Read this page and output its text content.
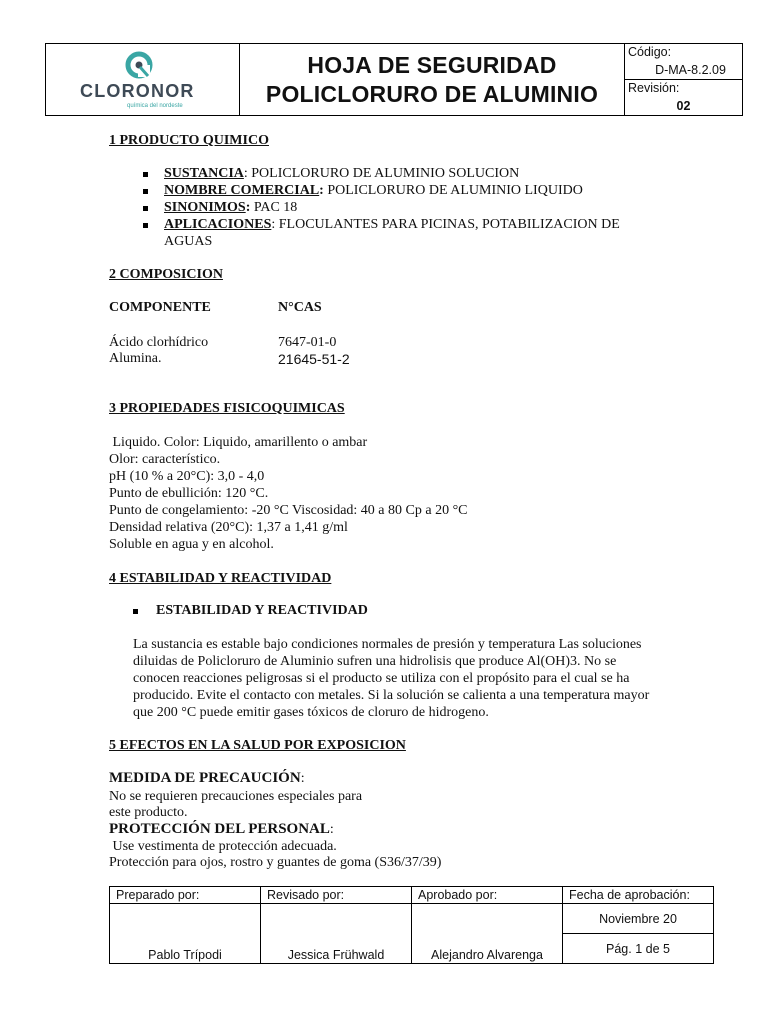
CLORONOR
química del nordeste
HOJA DE SEGURIDAD
POLICLORURO DE ALUMINIO
Código:
D-MA-8.2.09
Revisión:
02
1 PRODUCTO QUIMICO
SUSTANCIA: POLICLORURO DE ALUMINIO SOLUCION
NOMBRE COMERCIAL: POLICLORURO DE ALUMINIO LIQUIDO
SINONIMOS: PAC 18
APLICACIONES: FLOCULANTES PARA PICINAS, POTABILIZACION DE
AGUAS
2 COMPOSICION
COMPONENTE	N°CAS
Ácido clorhídrico	7647-01-0
Alumina.	21645-51-2
3 PROPIEDADES FISICOQUIMICAS
Liquido. Color: Liquido, amarillento o ambar
Olor: característico.
pH (10 % a 20°C): 3,0 - 4,0
Punto de ebullición: 120 °C.
Punto de congelamiento: -20 °C Viscosidad: 40 a 80 Cp a 20 °C
Densidad relativa (20°C): 1,37 a 1,41 g/ml
Soluble en agua y en alcohol.
4 ESTABILIDAD Y REACTIVIDAD
ESTABILIDAD Y REACTIVIDAD
La sustancia es estable bajo condiciones normales de presión y temperatura Las soluciones
diluidas de Policloruro de Aluminio sufren una hidrolisis que produce Al(OH)3. No se
conocen reacciones peligrosas si el producto se utiliza con el propósito para el cual se ha
producido. Evite el contacto con metales. Si la solución se calienta a una temperatura mayor
que 200 °C puede emitir gases tóxicos de cloruro de hidrogeno.
5 EFECTOS EN LA SALUD POR EXPOSICION
MEDIDA DE PRECAUCIÓN:
No se requieren precauciones especiales para
este producto.
PROTECCIÓN DEL PERSONAL:
Use vestimenta de protección adecuada.
Protección para ojos, rostro y guantes de goma (S36/37/39)
Preparado por:	Revisado por:	Aprobado por:	Fecha de aprobación:

Pablo Trípodi	Jessica Frühwald	Alejandro Alvarenga	Noviembre 20
			Pág. 1 de 5
